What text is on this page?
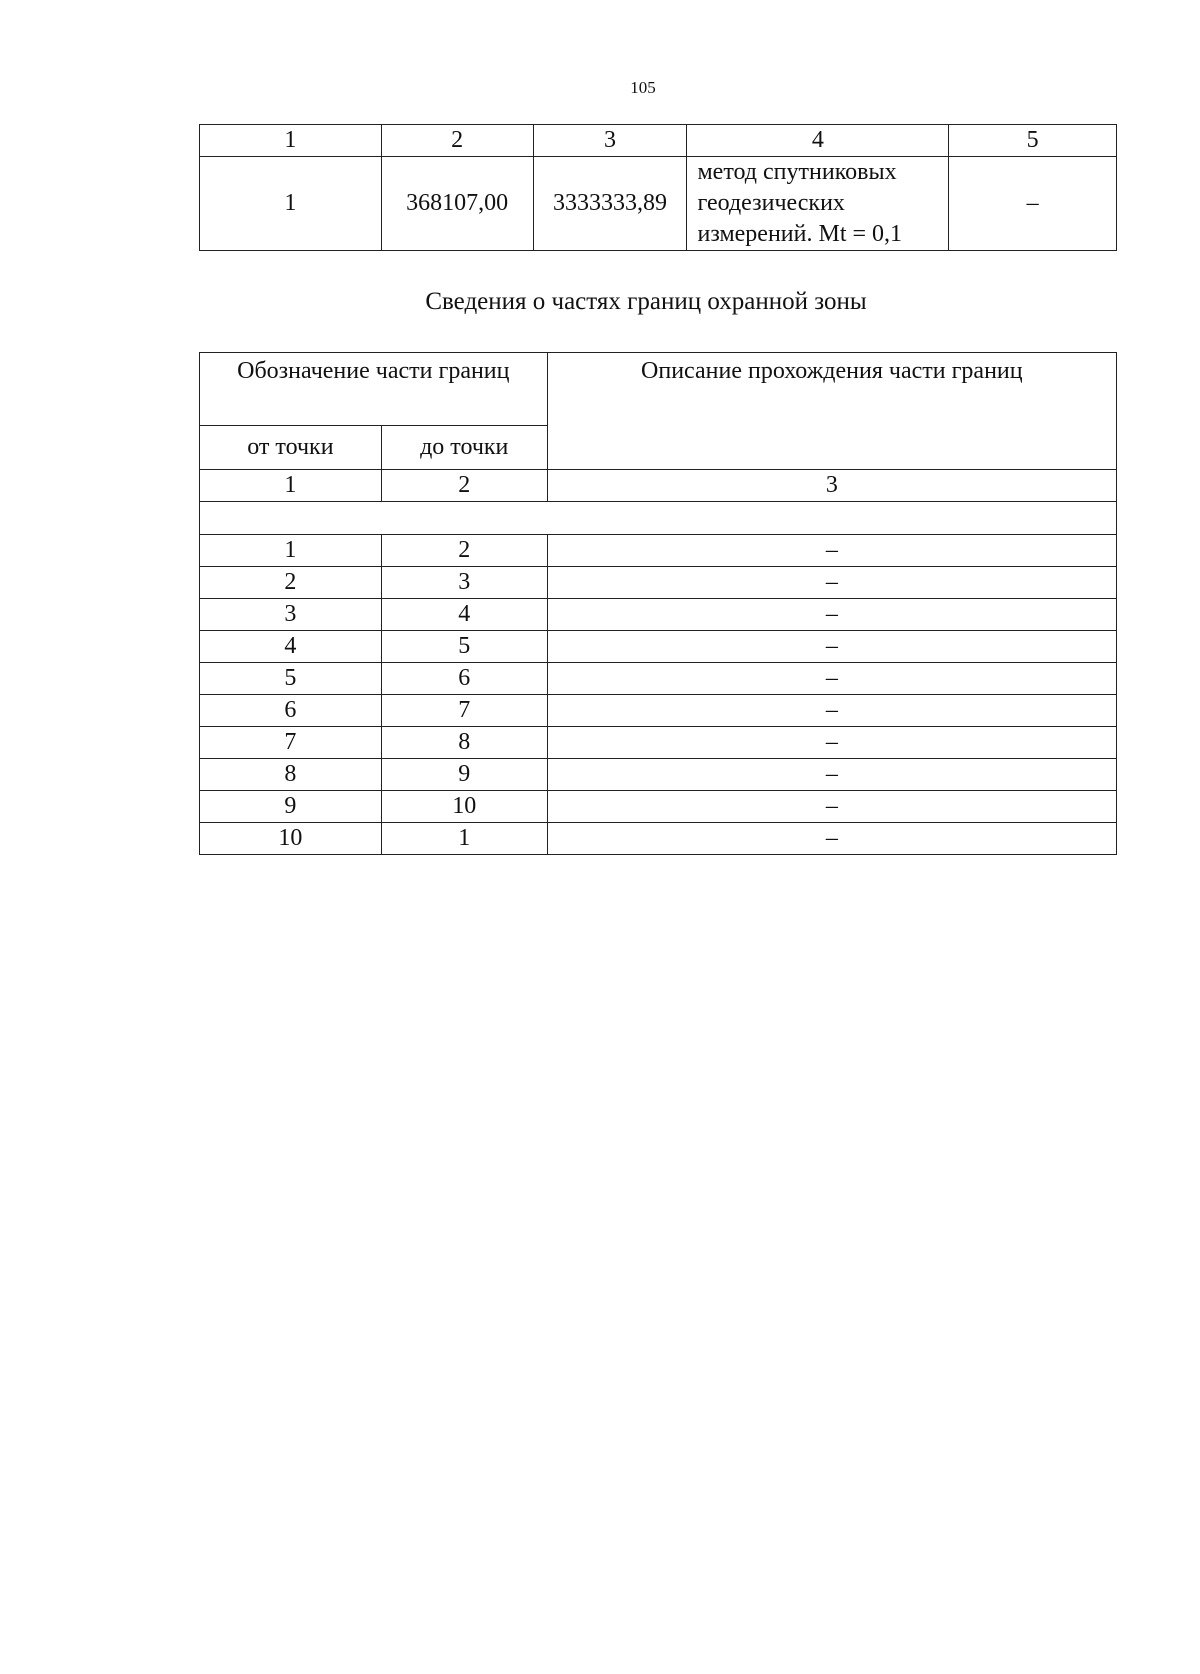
105
1	2	3	4	5
1	368107,00	3333333,89	метод спутниковых
геодезических
измерений. Mt = 0,1	–
Сведения о частях границ охранной зоны
Обозначение части границ		Описание прохождения части границ
от точки	до точки	
1	2	3

1	2	–
2	3	–
3	4	–
4	5	–
5	6	–
6	7	–
7	8	–
8	9	–
9	10	–
10	1	–
